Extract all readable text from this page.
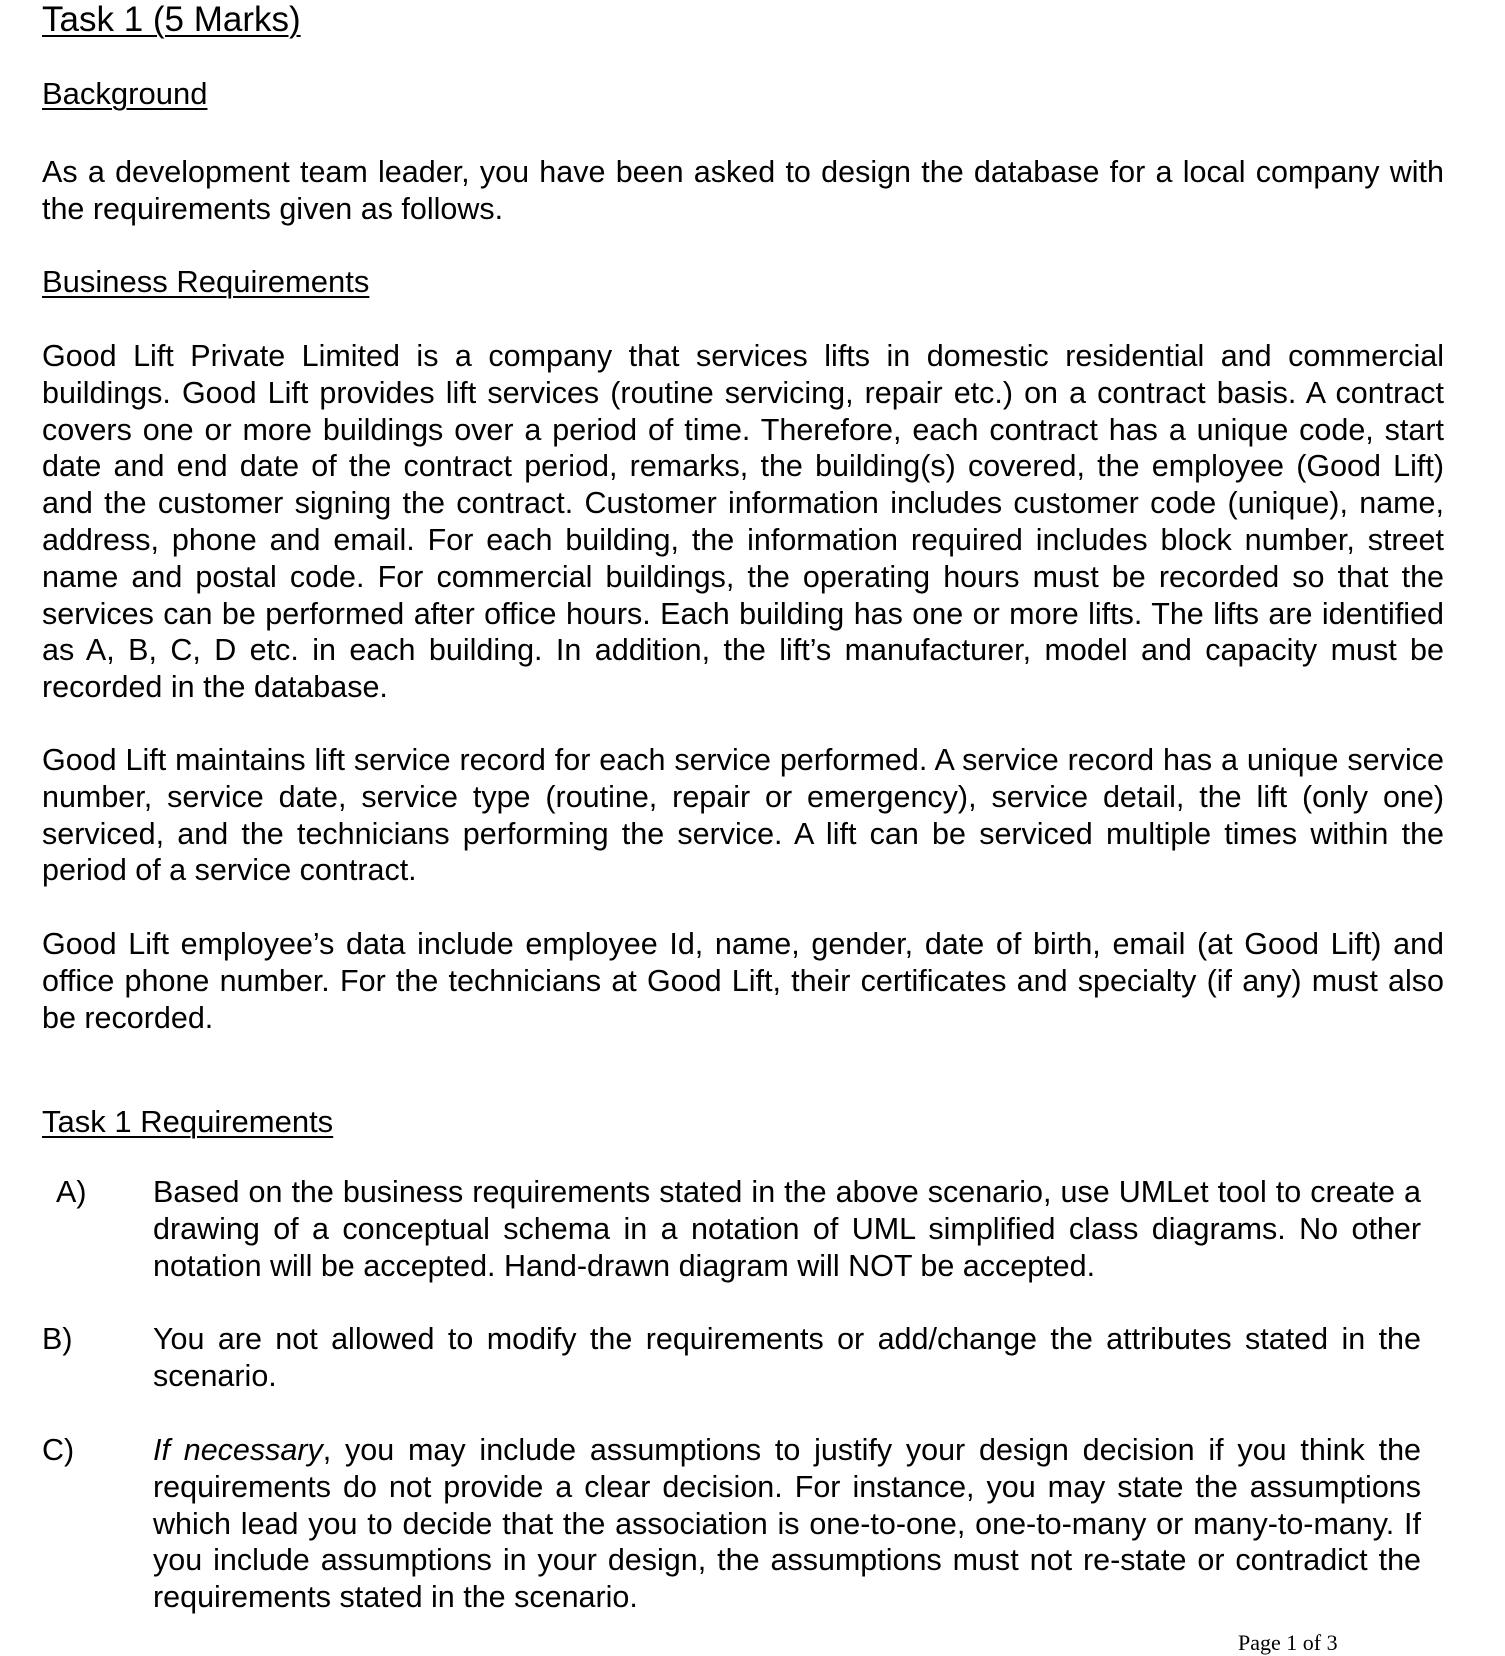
Task 1 (5 Marks)
Background

As a development team leader, you have been asked to design the database for a local company with the requirements given as follows.

Business Requirements

Good Lift Private Limited is a company that services lifts in domestic residential and commercial buildings. Good Lift provides lift services (routine servicing, repair etc.) on a contract basis. A contract covers one or more buildings over a period of time. Therefore, each contract has a unique code, start date and end date of the contract period, remarks, the building(s) covered, the employee (Good Lift) and the customer signing the contract. Customer information includes customer code (unique), name, address, phone and email. For each building, the information required includes block number, street name and postal code. For commercial buildings, the operating hours must be recorded so that the services can be performed after office hours. Each building has one or more lifts. The lifts are identified as A, B, C, D etc. in each building. In addition, the lift’s manufacturer, model and capacity must be recorded in the database.

Good Lift maintains lift service record for each service performed. A service record has a unique service number, service date, service type (routine, repair or emergency), service detail, the lift (only one) serviced, and the technicians performing the service. A lift can be serviced multiple times within the period of a service contract.

Good Lift employee’s data include employee Id, name, gender, date of birth, email (at Good Lift) and office phone number. For the technicians at Good Lift, their certificates and specialty (if any) must also be recorded.

Task 1 Requirements
A) Based on the business requirements stated in the above scenario, use UMLet tool to create a drawing of a conceptual schema in a notation of UML simplified class diagrams. No other notation will be accepted. Hand-drawn diagram will NOT be accepted.

B)	You are not allowed to modify the requirements or add/change the attributes stated in the scenario.

C)	If necessary, you may include assumptions to justify your design decision if you think the requirements do not provide a clear decision. For instance, you may state the assumptions which lead you to decide that the association is one-to-one, one-to-many or many-to-many. If you include assumptions in your design, the assumptions must not re-state or contradict the requirements stated in the scenario.

Page 1 of 3
